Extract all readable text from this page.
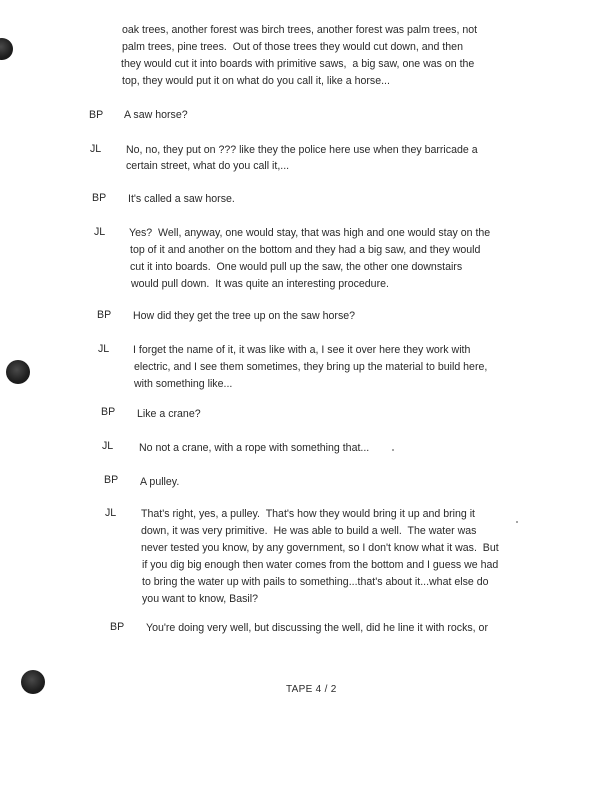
oak trees, another forest was birch trees, another forest was palm trees, not
palm trees, pine trees.  Out of those trees they would cut down, and then
they would cut it into boards with primitive saws,  a big saw, one was on the
top, they would put it on what do you call it, like a horse...
BP	A saw horse?
JL	No, no, they put on ??? like they the police here use when they barricade a
certain street, what do you call it,...
BP	It's called a saw horse.
JL	Yes?  Well, anyway, one would stay, that was high and one would stay on the
top of it and another on the bottom and they had a big saw, and they would
cut it into boards.  One would pull up the saw, the other one downstairs
would pull down.  It was quite an interesting procedure.
BP	How did they get the tree up on the saw horse?
JL	I forget the name of it, it was like with a, I see it over here they work with
electric, and I see them sometimes, they bring up the material to build here,
with something like...
BP	Like a crane?
JL	No not a crane, with a rope with something that...
BP	A pulley.
JL	That's right, yes, a pulley.  That's how they would bring it up and bring it
down, it was very primitive.  He was able to build a well.  The water was
never tested you know, by any government, so I don't know what it was.  But
if you dig big enough then water comes from the bottom and I guess we had
to bring the water up with pails to something...that's about it...what else do
you want to know, Basil?
BP	You're doing very well, but discussing the well, did he line it with rocks, or
TAPE 4 / 2
